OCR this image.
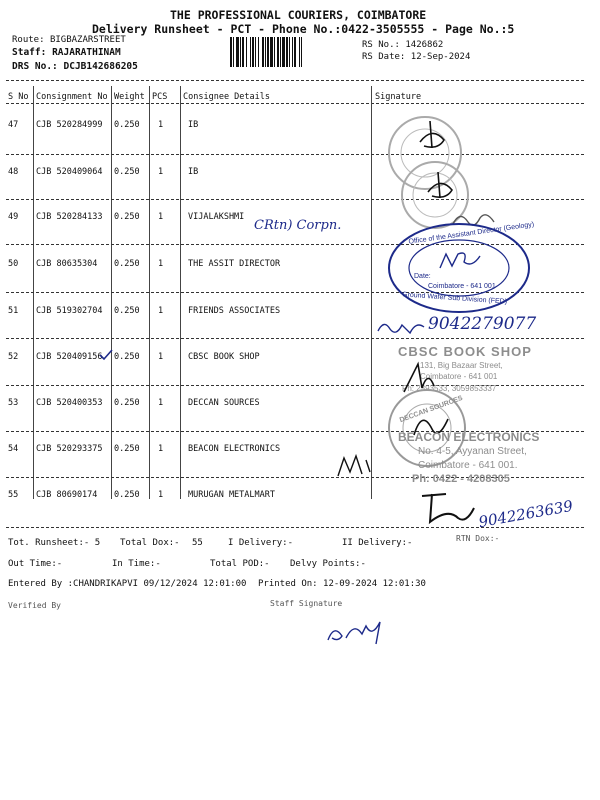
THE PROFESSIONAL COURIERS, COIMBATORE
Delivery Runsheet - PCT - Phone No.:0422-3505555 - Page No.:5
Route: BIGBAZARSTREET
Staff: RAJARATHINAM
DRS No.: DCJB142686205
RS No.: 1426862
RS Date: 12-Sep-2024
S No Consignment No Weight PCS Consignee Details	Signature
47 CJB 520284999 0.250 1	IB
48 CJB 520409064 0.250 1	IB
49 CJB 520284133 0.250 1	VIJALAKSHMI
50 CJB 80635304 0.250 1	THE ASSIT DIRECTOR
51 CJB 519302704 0.250 1	FRIENDS ASSOCIATES
52 CJB 520409156 0.250 1	CBSC BOOK SHOP
53 CJB 520400353 0.250 1	DECCAN SOURCES
54 CJB 520293375 0.250 1	BEACON ELECTRONICS
55 CJB 80690174 0.250 1	MURUGAN METALMART
CRtn) Corpn.	Office of the Assistant Director (Geology)
Date:
Coimbatore - 641 001
Ground Wafer Sub Division (FED)
9042279077
CBSC BOOK SHOP
131, Big Bazaar Street,
Coimbatore - 641 001
Ph: 2393533, 3059853337
DECCAN SOURCES
BEACON ELECTRONICS
No. 4-5, Ayyanan Street,
Coimbatore - 641 001.
Ph: 0422 - 4208305
9042263639
Tot. Runsheet:- 5 Total Dox:- 55	I Delivery:-	II Delivery:-	RTN Dox:-
Out Time:-	In Time:-	Total POD:- Delvy Points:-
Entered By :CHANDRIKAPVI 09/12/2024 12:01:00 Printed On: 12-09-2024 12:01:30
Verified By	Staff Signature
